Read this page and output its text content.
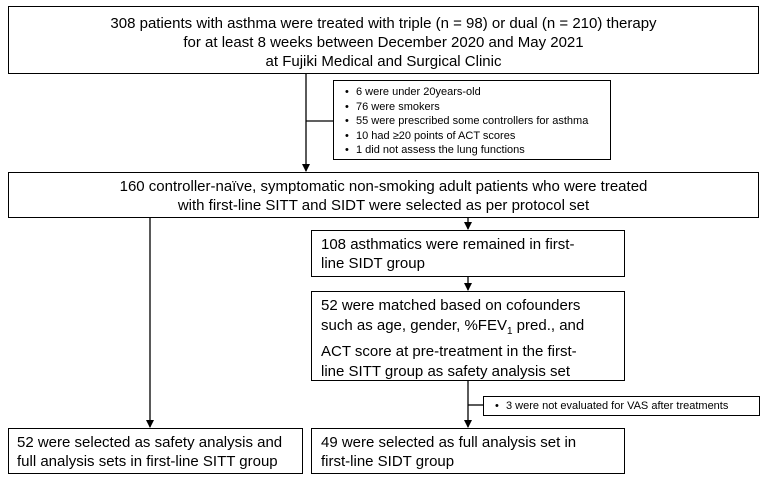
308 patients with asthma were treated with triple (n = 98) or dual (n = 210) therapy
for at least 8 weeks between December 2020 and May 2021
at Fujiki Medical and Surgical Clinic
• 6 were under 20years-old
• 76 were smokers
• 55 were prescribed some controllers for asthma
• 10 had ≥20 points of ACT scores
• 1 did not assess the lung functions
160 controller-naïve, symptomatic non-smoking adult patients who were treated
with first-line SITT and SIDT were selected as per protocol set
108 asthmatics were remained in first-
line SIDT group
52 were matched based on cofounders
such as age, gender, $\%FEV_1$ pred., and
ACT score at pre-treatment in the first-
line SITT group as safety analysis set
• 3 were not evaluated for VAS after treatments
52 were selected as safety analysis and
full analysis sets in first-line SITT group
49 were selected as full analysis set in
first-line SIDT group
